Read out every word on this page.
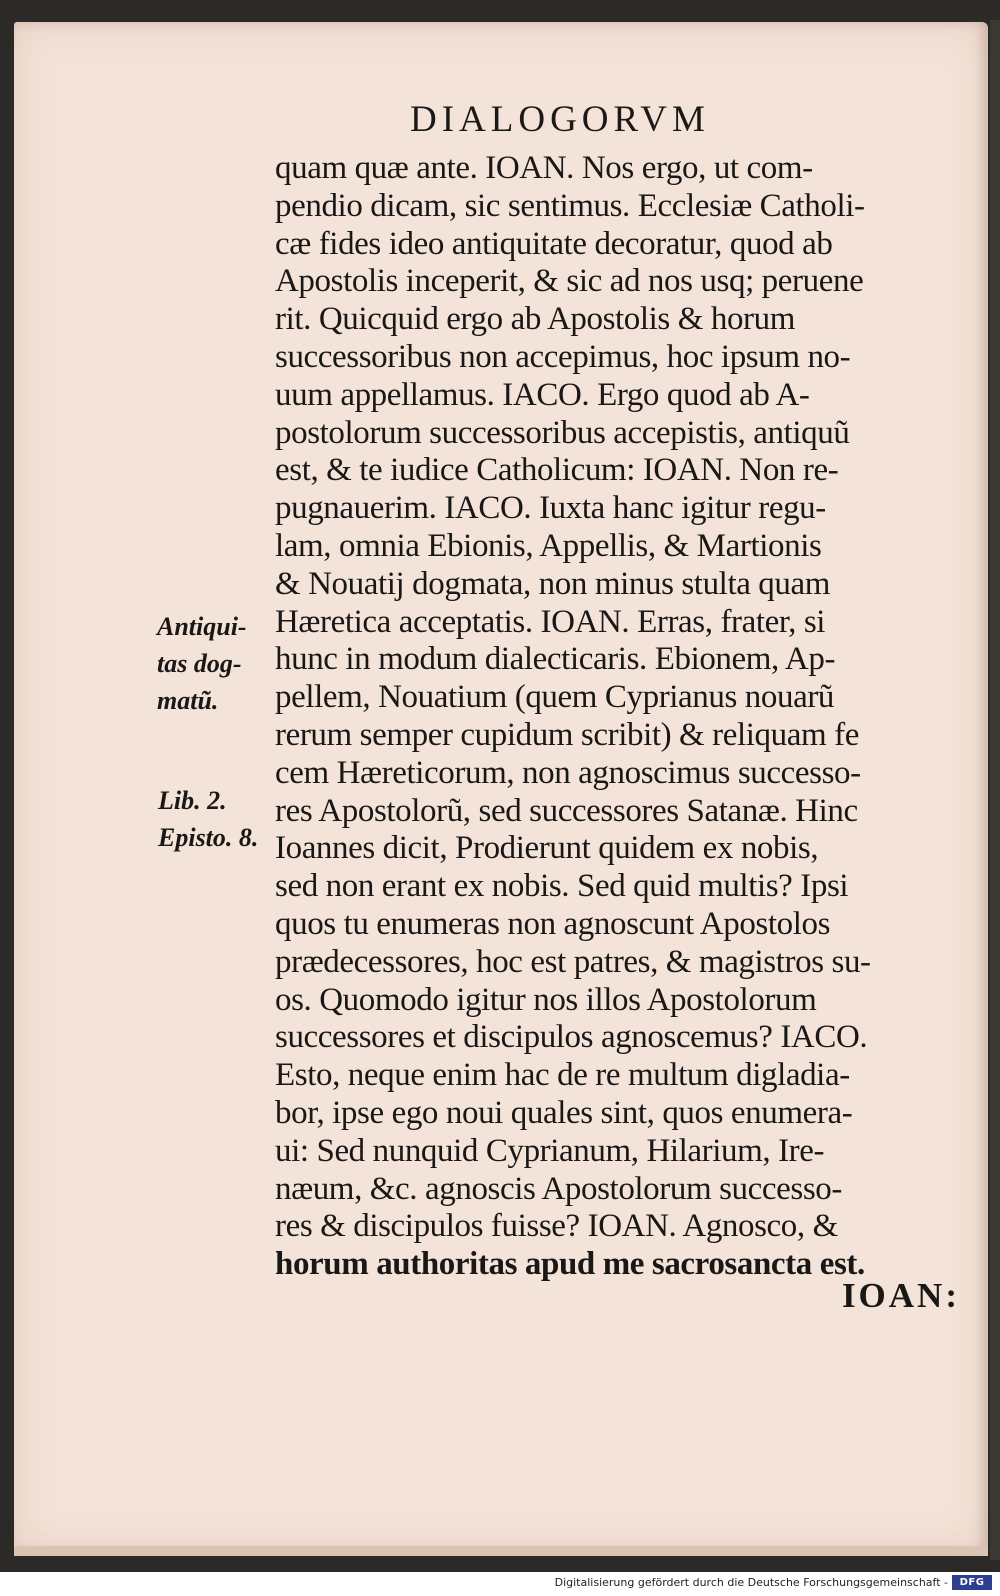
DIALOGORVM
quam quæ ante. IOAN. Nos ergo, ut com-
pendio dicam, sic sentimus. Ecclesiæ Catholi-
cæ fides ideo antiquitate decoratur, quod ab
Apostolis inceperit, & sic ad nos usq; peruene
rit. Quicquid ergo ab Apostolis & horum
successoribus non accepimus, hoc ipsum no-
uum appellamus. IACO. Ergo quod ab A-
postolorum successoribus accepistis, antiquũ
est, & te iudice Catholicum: IOAN. Non re-
pugnauerim. IACO. Iuxta hanc igitur regu-
lam, omnia Ebionis, Appellis, & Martionis
& Nouatij dogmata, non minus stulta quam
Hæretica acceptatis. IOAN. Erras, frater, si
hunc in modum dialecticaris. Ebionem, Ap-
pellem, Nouatium (quem Cyprianus nouarũ
rerum semper cupidum scribit) & reliquam fe
cem Hæreticorum, non agnoscimus successo-
res Apostolorũ, sed successores Satanæ. Hinc
Ioannes dicit, Prodierunt quidem ex nobis,
sed non erant ex nobis. Sed quid multis? Ipsi
quos tu enumeras non agnoscunt Apostolos
prædecessores, hoc est patres, & magistros su-
os. Quomodo igitur nos illos Apostolorum
successores et discipulos agnoscemus? IACO.
Esto, neque enim hac de re multum digladia-
bor, ipse ego noui quales sint, quos enumera-
ui: Sed nunquid Cyprianum, Hilarium, Ire-
næum, &c. agnoscis Apostolorum successo-
res & discipulos fuisse? IOAN. Agnosco, &
horum authoritas apud me sacrosancta est.
IOAN:
Antiqui-
tas dog-
matũ.
Lib. 2.
Episto. 8.
Digitalisierung gefördert durch die Deutsche Forschungsgemeinschaft -	DFG
